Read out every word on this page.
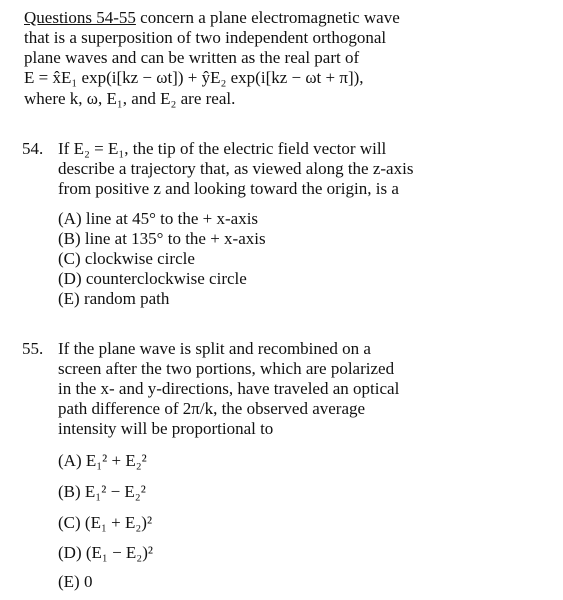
Questions 54-55 concern a plane electromagnetic wave
that is a superposition of two independent orthogonal
plane waves and can be written as the real part of
E = x̂E₁ exp(i[kz − ωt]) + ŷE₂ exp(i[kz − ωt + π]),
where k, ω, E₁, and E₂ are real.
54. If E₂ = E₁, the tip of the electric field vector will
describe a trajectory that, as viewed along the z-axis
from positive z and looking toward the origin, is a
(A) line at 45° to the + x-axis
(B) line at 135° to the + x-axis
(C) clockwise circle
(D) counterclockwise circle
(E) random path
55. If the plane wave is split and recombined on a
screen after the two portions, which are polarized
in the x- and y-directions, have traveled an optical
path difference of 2π/k, the observed average
intensity will be proportional to
(A) E₁² + E₂²
(B) E₁² − E₂²
(C) (E₁ + E₂)²
(D) (E₁ − E₂)²
(E) 0
